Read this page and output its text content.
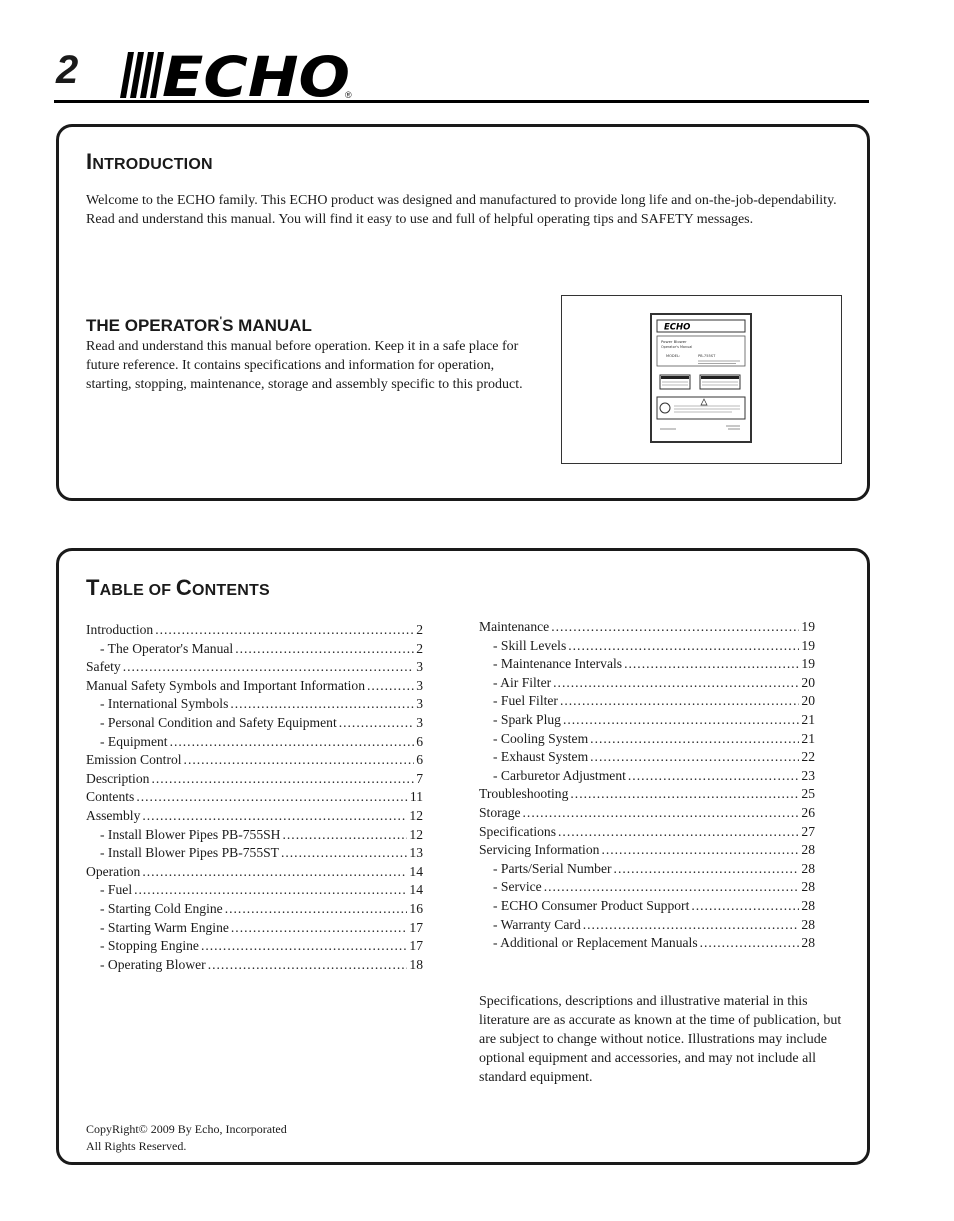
2 ECHO
®
INTRODUCTION
Welcome to the ECHO family. This ECHO product was designed and manufactured to provide long life and on-the-job-dependability. Read and understand this manual. You will find it easy to use and full of helpful operating tips and SAFETY messages.
THE OPERATOR'S MANUAL
Read and understand this manual before operation. Keep it in a safe place for future reference. It contains specifications and information for operation, starting, stopping, maintenance, storage and assembly specific to this product.
ECHO
Power Blower
Operator's Manual
MODEL:	PB-755ST
TABLE OF CONTENTS
Introduction .....	2
- The Operator's Manual .....	2
Safety .....	3
Manual Safety Symbols and Important Information .....	3
- International Symbols .....	3
- Personal Condition and Safety Equipment .....	3
- Equipment .....	6
Emission Control .....	6
Description .....	7
Contents .....	11
Assembly .....	12
- Install Blower Pipes PB-755SH .....	12
- Install Blower Pipes PB-755ST .....	13
Operation .....	14
- Fuel .....	14
- Starting Cold Engine .....	16
- Starting Warm Engine .....	17
- Stopping Engine .....	17
- Operating Blower .....	18
Maintenance .....	19
- Skill Levels .....	19
- Maintenance Intervals .....	19
- Air Filter .....	20
- Fuel Filter .....	20
- Spark Plug .....	21
- Cooling System .....	21
- Exhaust System .....	22
- Carburetor Adjustment .....	23
Troubleshooting .....	25
Storage .....	26
Specifications .....	27
Servicing Information .....	28
- Parts/Serial Number .....	28
- Service .....	28
- ECHO Consumer Product Support .....	28
- Warranty Card .....	28
- Additional or Replacement Manuals .....	28
Specifications, descriptions and illustrative material in this literature are as accurate as known at the time of publication, but are subject to change without notice. Illustrations may include optional equipment and accessories, and may not include all standard equipment.
CopyRight© 2009 By Echo, Incorporated
All Rights Reserved.
